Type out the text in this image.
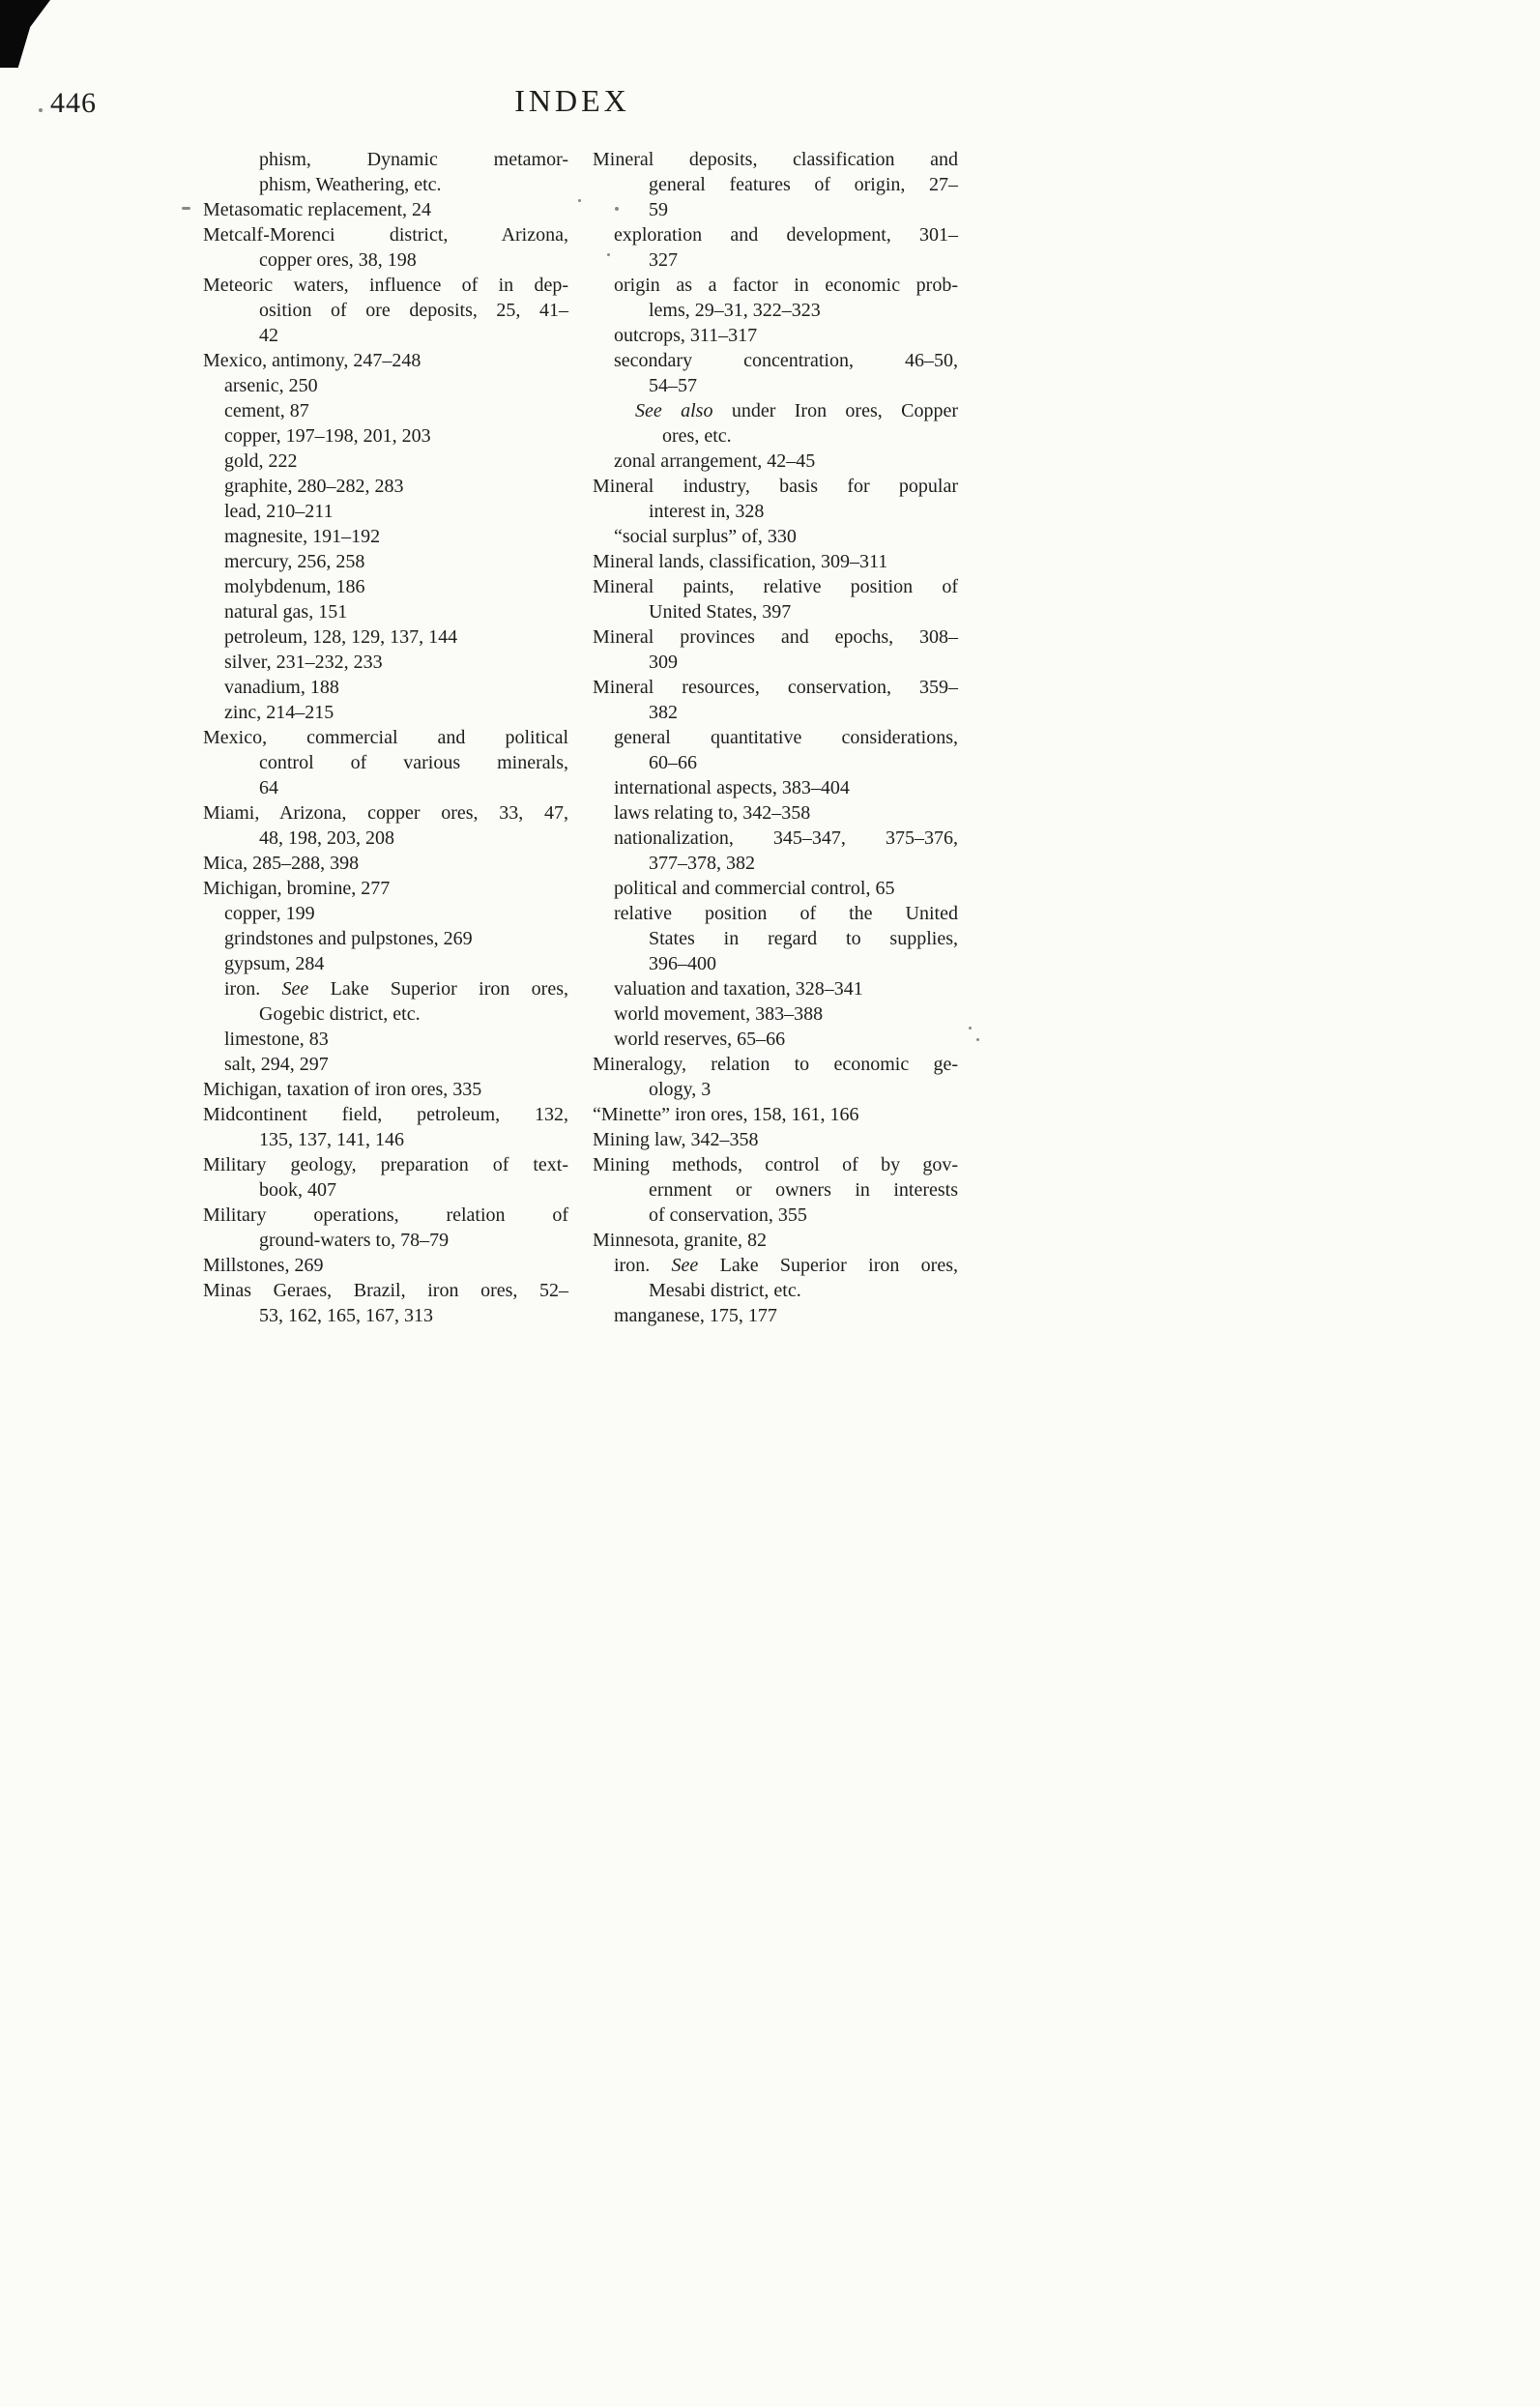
446	INDEX
phism, Dynamic metamor-
phism, Weathering, etc.
Metasomatic replacement, 24
Metcalf-Morenci district, Arizona,
copper ores, 38, 198
Meteoric waters, influence of in dep-
osition of ore deposits, 25, 41–
42
Mexico, antimony, 247–248
arsenic, 250
cement, 87
copper, 197–198, 201, 203
gold, 222
graphite, 280–282, 283
lead, 210–211
magnesite, 191–192
mercury, 256, 258
molybdenum, 186
natural gas, 151
petroleum, 128, 129, 137, 144
silver, 231–232, 233
vanadium, 188
zinc, 214–215
Mexico, commercial and political
control of various minerals,
64
Miami, Arizona, copper ores, 33, 47,
48, 198, 203, 208
Mica, 285–288, 398
Michigan, bromine, 277
copper, 199
grindstones and pulpstones, 269
gypsum, 284
iron. See Lake Superior iron ores,
Gogebic district, etc.
limestone, 83
salt, 294, 297
Michigan, taxation of iron ores, 335
Midcontinent field, petroleum, 132,
135, 137, 141, 146
Military geology, preparation of text-
book, 407
Military operations, relation of
ground-waters to, 78–79
Millstones, 269
Minas Geraes, Brazil, iron ores, 52–
53, 162, 165, 167, 313
Mineral deposits, classification and
general features of origin, 27–
59
exploration and development, 301–
327
origin as a factor in economic prob-
lems, 29–31, 322–323
outcrops, 311–317
secondary concentration, 46–50,
54–57
See also under Iron ores, Copper
ores, etc.
zonal arrangement, 42–45
Mineral industry, basis for popular
interest in, 328
“social surplus” of, 330
Mineral lands, classification, 309–311
Mineral paints, relative position of
United States, 397
Mineral provinces and epochs, 308–
309
Mineral resources, conservation, 359–
382
general quantitative considerations,
60–66
international aspects, 383–404
laws relating to, 342–358
nationalization, 345–347, 375–376,
377–378, 382
political and commercial control, 65
relative position of the United
States in regard to supplies,
396–400
valuation and taxation, 328–341
world movement, 383–388
world reserves, 65–66
Mineralogy, relation to economic ge-
ology, 3
“Minette” iron ores, 158, 161, 166
Mining law, 342–358
Mining methods, control of by gov-
ernment or owners in interests
of conservation, 355
Minnesota, granite, 82
iron. See Lake Superior iron ores,
Mesabi district, etc.
manganese, 175, 177
